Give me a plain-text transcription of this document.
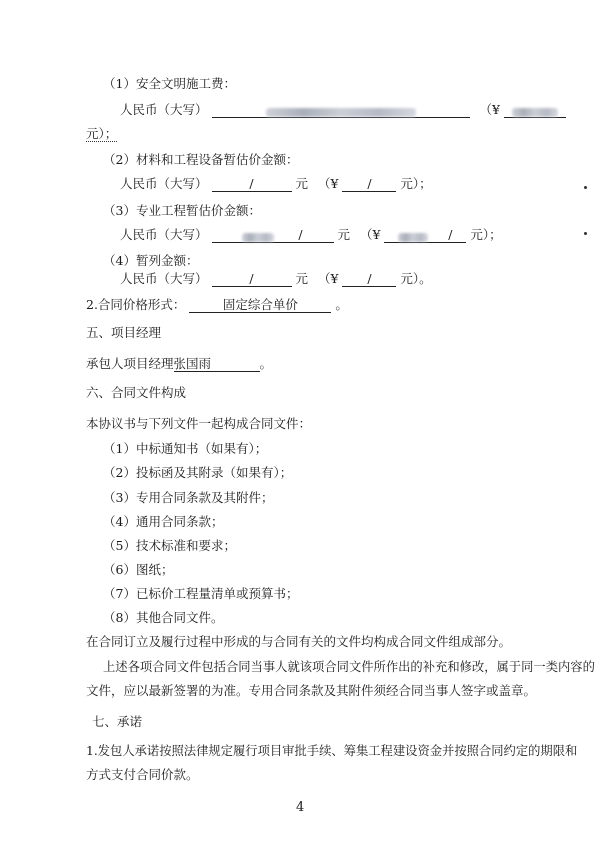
（1）安全文明施工费：
人民币（大写）	（¥
元）；
（2）材料和工程设备暂估价金额：
人民币（大写）	/	元 （¥ / 元）；
（3）专业工程暂估价金额：
人民币（大写）	/	元 （¥	/ 元）；
（4）暂列金额：
人民币（大写）	/	元 （¥ / 元）。
2.合同价格形式：	固定综合单价	。
五、项目经理
承包人项目经理张国雨	。
六、合同文件构成
本协议书与下列文件一起构成合同文件：
（1）中标通知书（如果有）；
（2）投标函及其附录（如果有）；
（3）专用合同条款及其附件；
（4）通用合同条款；
（5）技术标准和要求；
（6）图纸；
（7）已标价工程量清单或预算书；
（8）其他合同文件。
在合同订立及履行过程中形成的与合同有关的文件均构成合同文件组成部分。
上述各项合同文件包括合同当事人就该项合同文件所作出的补充和修改，属于同一类内容的
文件，应以最新签署的为准。专用合同条款及其附件须经合同当事人签字或盖章。
七、承诺
1.发包人承诺按照法律规定履行项目审批手续、筹集工程建设资金并按照合同约定的期限和
方式支付合同价款。
4
